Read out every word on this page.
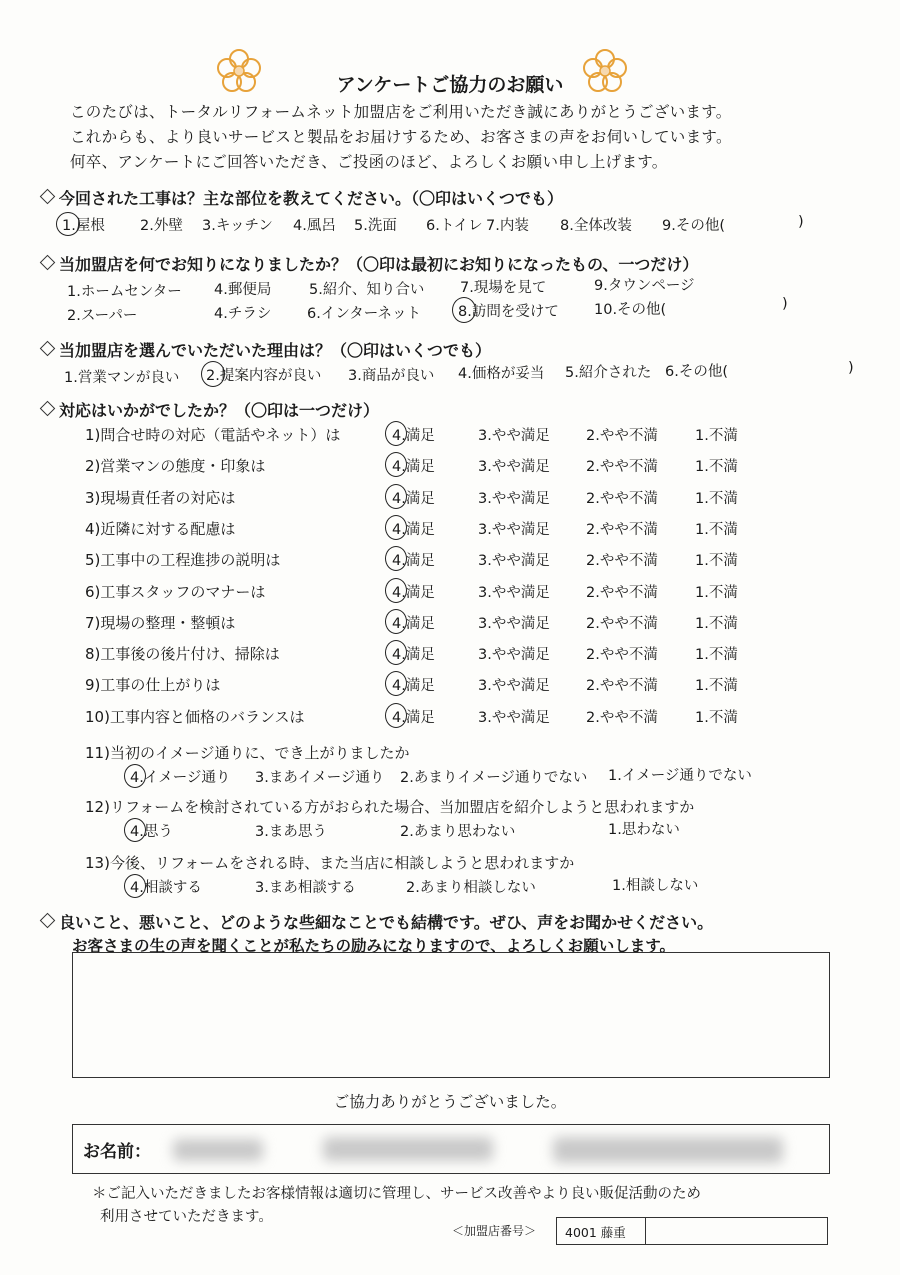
アンケートご協力のお願い
このたびは、トータルリフォームネット加盟店をご利用いただき誠にありがとうございます。
これからも、より良いサービスと製品をお届けするため、お客さまの声をお伺いしています。
何卒、アンケートにご回答いただき、ご投函のほど、よろしくお願い申し上げます。
今回された工事は？主な部位を教えてください。（〇印はいくつでも）
1.屋根 2.外壁 3.キッチン 4.風呂 5.洗面 6.トイレ 7.内装 8.全体改装 9.その他(	)
当加盟店を何でお知りになりましたか？（〇印は最初にお知りになったもの、一つだけ）
1.ホームセンター 4.郵便局	5.紹介、知り合い 7.現場を見て	9.タウンページ
2.スーパー	4.チラシ 6.インターネット	8.訪問を受けて 10.その他(	)
当加盟店を選んでいただいた理由は？（〇印はいくつでも）
1.営業マンが良い 2.提案内容が良い 3.商品が良い 4.価格が妥当 5.紹介された 6.その他(	)
対応はいかがでしたか？（〇印は一つだけ）
1)問合せ時の対応（電話やネット）は	4.満足	3.やや満足 2.やや不満	1.不満
2)営業マンの態度・印象は	4.満足	3.やや満足 2.やや不満	1.不満
3)現場責任者の対応は	4.満足	3.やや満足 2.やや不満	1.不満
4)近隣に対する配慮は	4.満足	3.やや満足 2.やや不満	1.不満
5)工事中の工程進捗の説明は	4.満足	3.やや満足 2.やや不満	1.不満
6)工事スタッフのマナーは	4.満足	3.やや満足 2.やや不満	1.不満
7)現場の整理・整頓は	4.満足	3.やや満足 2.やや不満	1.不満
8)工事後の後片付け、掃除は	4.満足	3.やや満足 2.やや不満	1.不満
9)工事の仕上がりは	4.満足	3.やや満足 2.やや不満	1.不満
10)工事内容と価格のバランスは	4.満足	3.やや満足 2.やや不満	1.不満
11)当初のイメージ通りに、でき上がりましたか
4.イメージ通り 3.まあイメージ通り 2.あまりイメージ通りでない 1.イメージ通りでない
12)リフォームを検討されている方がおられた場合、当加盟店を紹介しようと思われますか
4.思う	3.まあ思う	2.あまり思わない	1.思わない
13)今後、リフォームをされる時、また当店に相談しようと思われますか
4.相談する	3.まあ相談する	2.あまり相談しない	1.相談しない
良いこと、悪いこと、どのような些細なことでも結構です。ぜひ、声をお聞かせください。
お客さまの生の声を聞くことが私たちの励みになりますので、よろしくお願いします。
ご協力ありがとうございました。
お名前：
＊ご記入いただきましたお客様情報は適切に管理し、サービス改善やより良い販促活動のため
利用させていただきます。
＜加盟店番号＞ 4001 藤重
